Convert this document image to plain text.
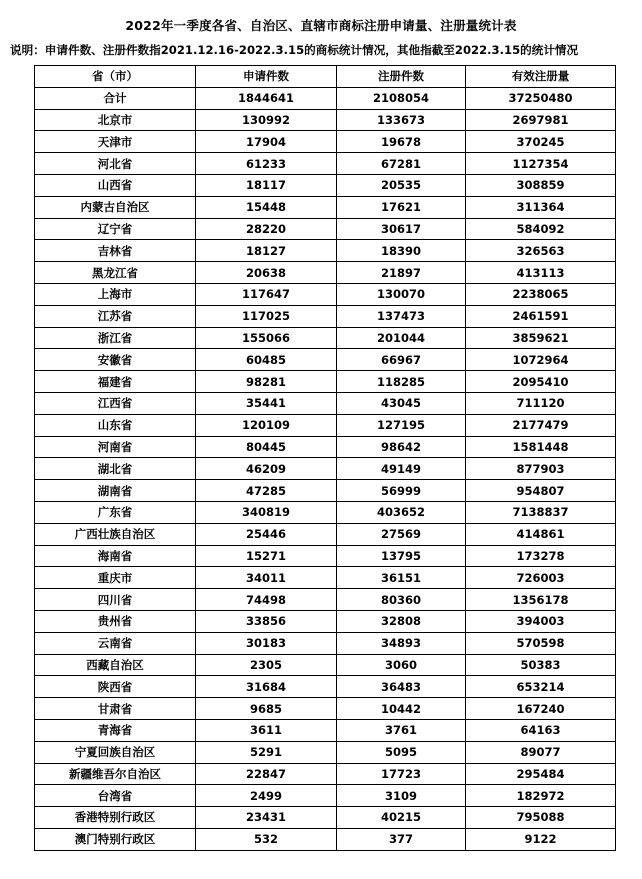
2022年一季度各省、自治区、直辖市商标注册申请量、注册量统计表
说明：申请件数、注册件数指2021.12.16-2022.3.15的商标统计情况，其他指截至2022.3.15的统计情况
省（市）	申请件数	注册件数	有效注册量
合计	1844641	2108054	37250480
北京市	130992	133673	2697981
天津市	17904	19678	370245
河北省	61233	67281	1127354
山西省	18117	20535	308859
内蒙古自治区	15448	17621	311364
辽宁省	28220	30617	584092
吉林省	18127	18390	326563
黑龙江省	20638	21897	413113
上海市	117647	130070	2238065
江苏省	117025	137473	2461591
浙江省	155066	201044	3859621
安徽省	60485	66967	1072964
福建省	98281	118285	2095410
江西省	35441	43045	711120
山东省	120109	127195	2177479
河南省	80445	98642	1581448
湖北省	46209	49149	877903
湖南省	47285	56999	954807
广东省	340819	403652	7138837
广西壮族自治区	25446	27569	414861
海南省	15271	13795	173278
重庆市	34011	36151	726003
四川省	74498	80360	1356178
贵州省	33856	32808	394003
云南省	30183	34893	570598
西藏自治区	2305	3060	50383
陕西省	31684	36483	653214
甘肃省	9685	10442	167240
青海省	3611	3761	64163
宁夏回族自治区	5291	5095	89077
新疆维吾尔自治区	22847	17723	295484
台湾省	2499	3109	182972
香港特别行政区	23431	40215	795088
澳门特别行政区	532	377	9122
